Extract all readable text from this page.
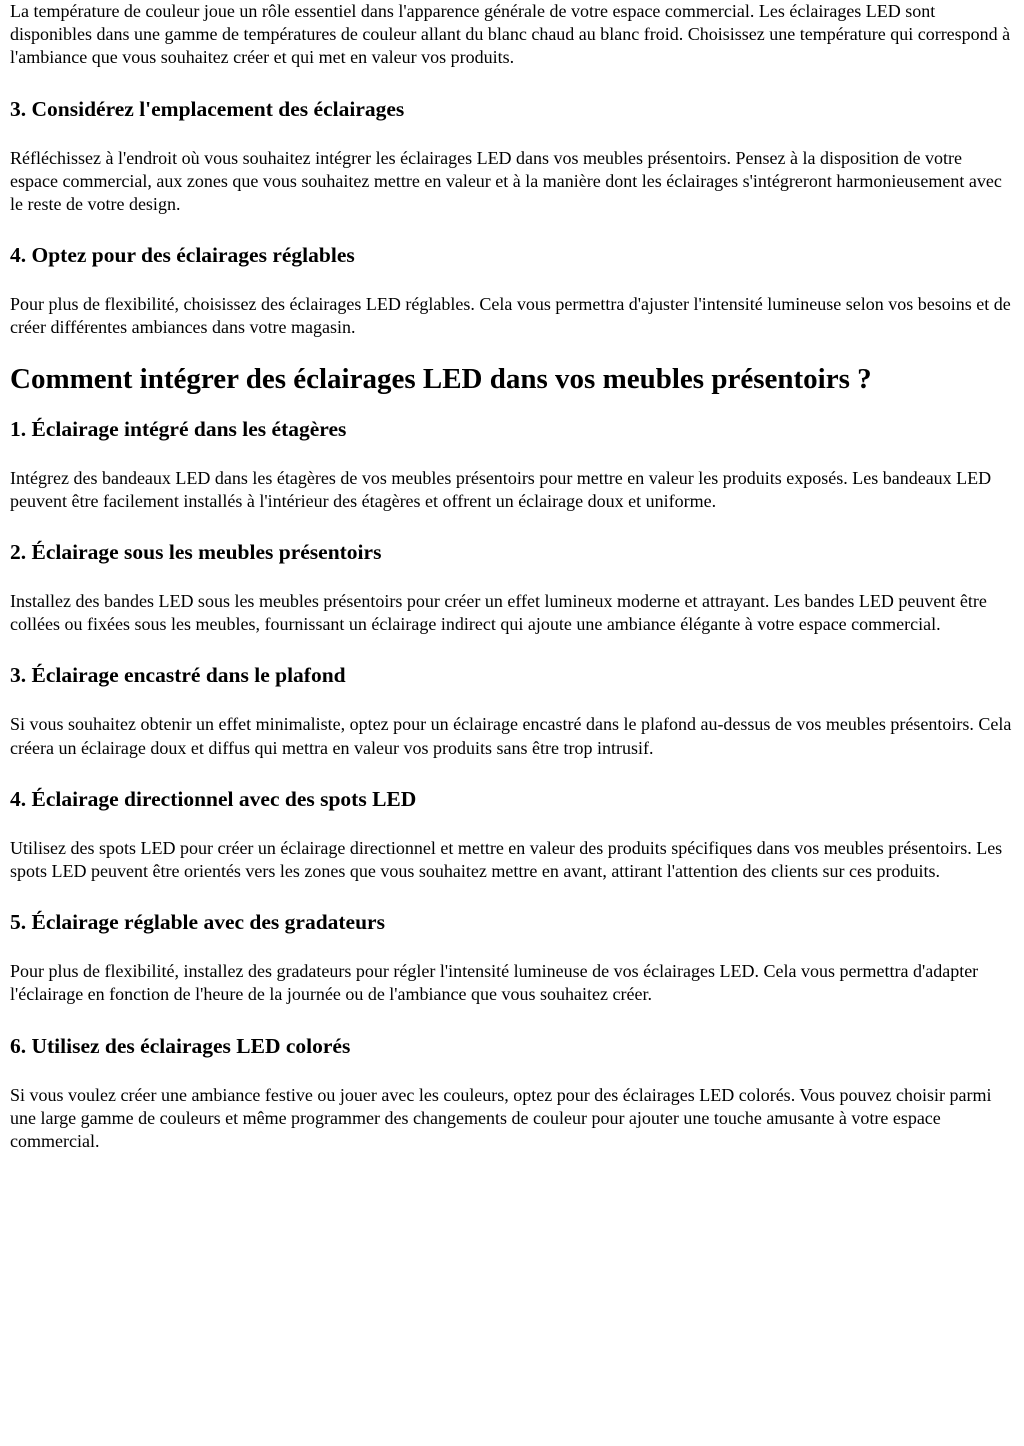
La température de couleur joue un rôle essentiel dans l'apparence générale de votre espace commercial. Les éclairages LED sont disponibles dans une gamme de températures de couleur allant du blanc chaud au blanc froid. Choisissez une température qui correspond à l'ambiance que vous souhaitez créer et qui met en valeur vos produits.

3. Considérez l'emplacement des éclairages

Réfléchissez à l'endroit où vous souhaitez intégrer les éclairages LED dans vos meubles présentoirs. Pensez à la disposition de votre espace commercial, aux zones que vous souhaitez mettre en valeur et à la manière dont les éclairages s'intégreront harmonieusement avec le reste de votre design.

4. Optez pour des éclairages réglables

Pour plus de flexibilité, choisissez des éclairages LED réglables. Cela vous permettra d'ajuster l'intensité lumineuse selon vos besoins et de créer différentes ambiances dans votre magasin.

Comment intégrer des éclairages LED dans vos meubles présentoirs ?
1. Éclairage intégré dans les étagères

Intégrez des bandeaux LED dans les étagères de vos meubles présentoirs pour mettre en valeur les produits exposés. Les bandeaux LED peuvent être facilement installés à l'intérieur des étagères et offrent un éclairage doux et uniforme.

2. Éclairage sous les meubles présentoirs

Installez des bandes LED sous les meubles présentoirs pour créer un effet lumineux moderne et attrayant. Les bandes LED peuvent être collées ou fixées sous les meubles, fournissant un éclairage indirect qui ajoute une ambiance élégante à votre espace commercial.

3. Éclairage encastré dans le plafond

Si vous souhaitez obtenir un effet minimaliste, optez pour un éclairage encastré dans le plafond au-dessus de vos meubles présentoirs. Cela créera un éclairage doux et diffus qui mettra en valeur vos produits sans être trop intrusif.

4. Éclairage directionnel avec des spots LED

Utilisez des spots LED pour créer un éclairage directionnel et mettre en valeur des produits spécifiques dans vos meubles présentoirs. Les spots LED peuvent être orientés vers les zones que vous souhaitez mettre en avant, attirant l'attention des clients sur ces produits.

5. Éclairage réglable avec des gradateurs

Pour plus de flexibilité, installez des gradateurs pour régler l'intensité lumineuse de vos éclairages LED. Cela vous permettra d'adapter l'éclairage en fonction de l'heure de la journée ou de l'ambiance que vous souhaitez créer.

6. Utilisez des éclairages LED colorés

Si vous voulez créer une ambiance festive ou jouer avec les couleurs, optez pour des éclairages LED colorés. Vous pouvez choisir parmi une large gamme de couleurs et même programmer des changements de couleur pour ajouter une touche amusante à votre espace commercial.
